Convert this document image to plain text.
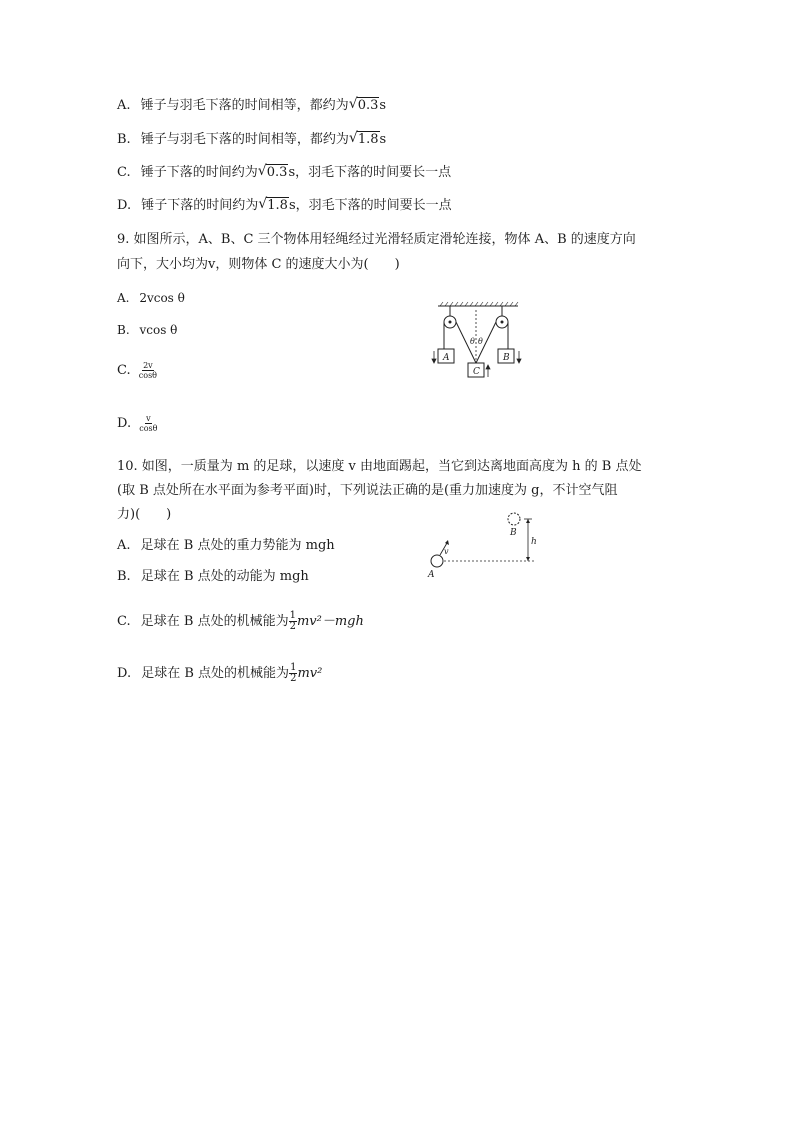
A. 锤子与羽毛下落的时间相等，都约为 √ 0.3s
B. 锤子与羽毛下落的时间相等，都约为 √ 1.8s
C. 锤子下落的时间约为 √ 0.3s，羽毛下落的时间要长一点
D. 锤子下落的时间约为 √ 1.8s，羽毛下落的时间要长一点
9. 如图所示，A、B、C 三个物体用轻绳经过光滑轻质定滑轮连接，物体 A、B 的速度方向
向下，大小均为v，则物体 C 的速度大小为(　　)
A. 2vcos θ
B. vcos θ
C. $\frac{2v}{\cos\theta}$
D. $\frac{v}{\cos\theta}$
θ θ
A	B
C
10. 如图，一质量为 m 的足球，以速度 v 由地面踢起，当它到达离地面高度为 h 的 B 点处
(取 B 点处所在水平面为参考平面)时，下列说法正确的是(重力加速度为 g，不计空气阻
力)(　　)
A. 足球在 B 点处的重力势能为 mgh
B. 足球在 B 点处的动能为 mgh
C. 足球在 B 点处的机械能为 $\frac{1}{2} mv^2-mgh$
D. 足球在 B 点处的机械能为 $\frac{1}{2} mv^2$
B
h
A
v
